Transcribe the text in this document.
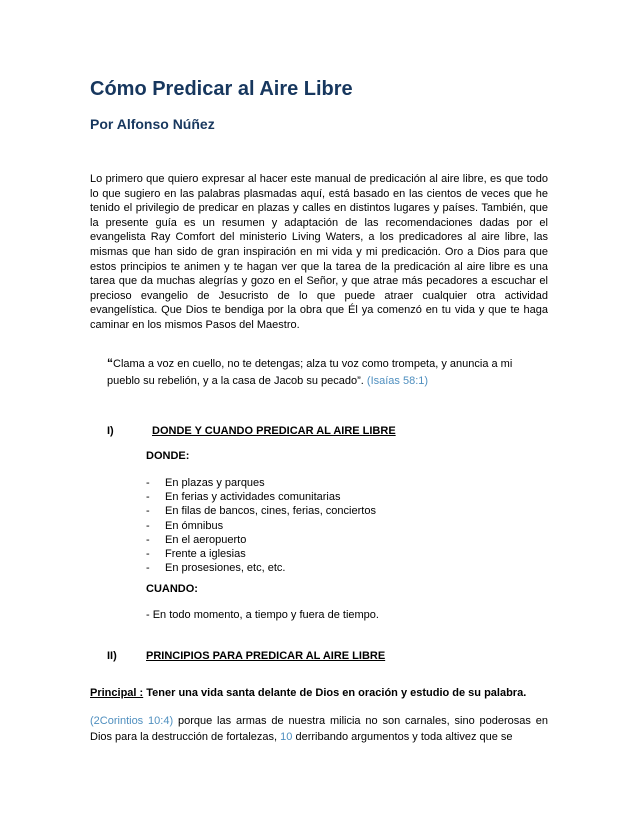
Cómo Predicar al Aire Libre
Por Alfonso Núñez
Lo primero que quiero expresar al hacer este manual de predicación al aire libre, es que todo lo que sugiero en las palabras plasmadas aquí, está basado en las cientos de veces que he tenido el privilegio de predicar en plazas y calles en distintos lugares y países. También, que la presente guía es un resumen y adaptación de las recomendaciones dadas por el evangelista Ray Comfort del ministerio Living Waters, a los predicadores al aire libre, las mismas que han sido de gran inspiración en mi vida y mi predicación. Oro a Dios para que estos principios te animen y te hagan ver que la tarea de la predicación al aire libre es una tarea que da muchas alegrías y gozo en el Señor, y que atrae más pecadores a escuchar el precioso evangelio de Jesucristo de lo que puede atraer cualquier otra actividad evangelística. Que Dios te bendiga por la obra que Él ya comenzó en tu vida y que te haga caminar en los mismos Pasos del Maestro.
“Clama a voz en cuello, no te detengas; alza tu voz como trompeta, y anuncia a mi pueblo su rebelión, y a la casa de Jacob su pecado”. (Isaías 58:1)
I)	DONDE Y CUANDO PREDICAR AL AIRE LIBRE
DONDE:
- En plazas y parques
- En ferias y actividades comunitarias
- En filas de bancos, cines, ferias, conciertos
- En ómnibus
- En el aeropuerto
- Frente a iglesias
- En prosesiones, etc, etc.
CUANDO:
- En todo momento, a tiempo y fuera de tiempo.
II)	PRINCIPIOS PARA PREDICAR AL AIRE LIBRE
Principal : Tener una vida santa delante de Dios en oración y estudio de su palabra.
(2Corintios 10:4) porque las armas de nuestra milicia no son carnales, sino poderosas en Dios para la destrucción de fortalezas, 10 derribando argumentos y toda altivez que se
